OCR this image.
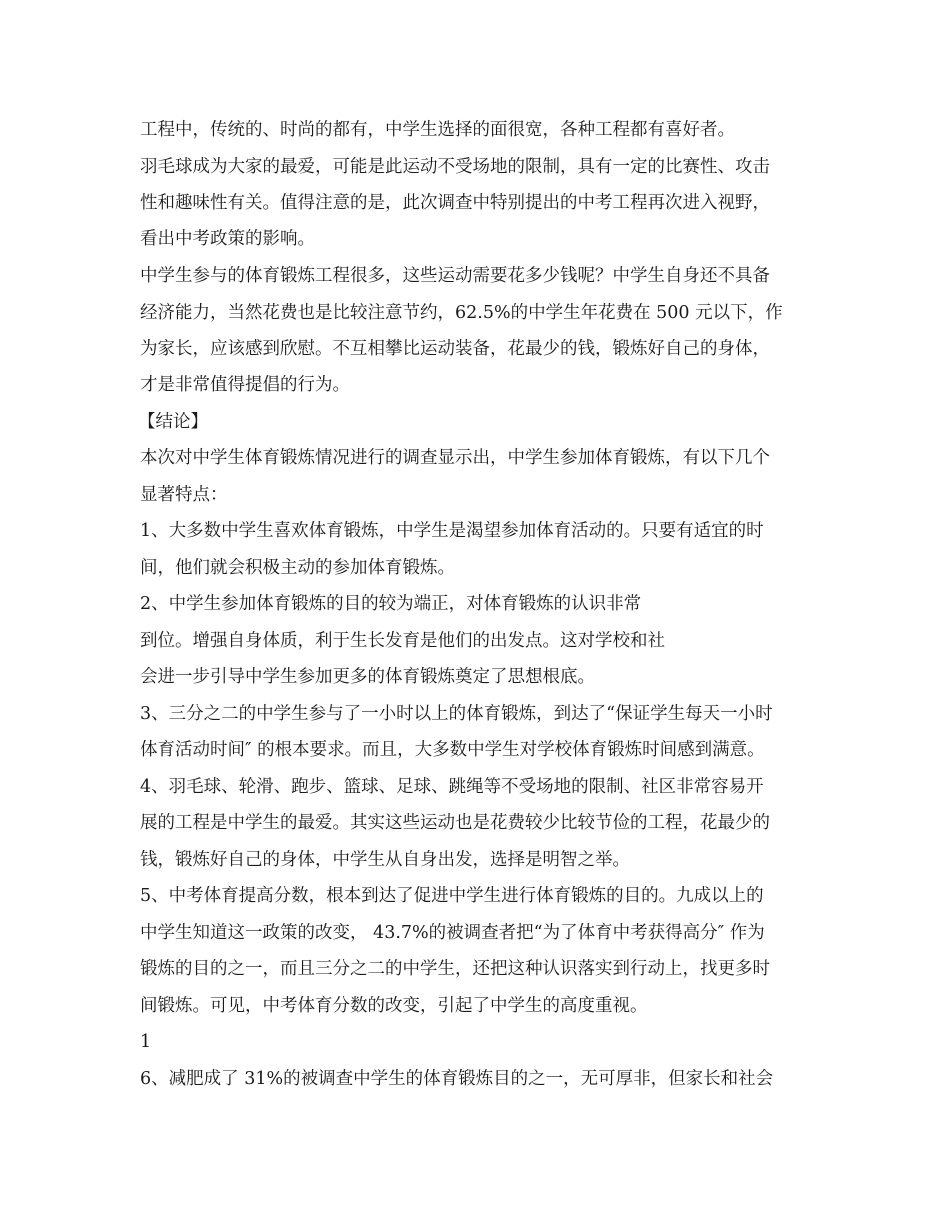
工程中，传统的、时尚的都有，中学生选择的面很宽，各种工程都有喜好者。

羽毛球成为大家的最爱，可能是此运动不受场地的限制，具有一定的比赛性、攻击

性和趣味性有关。值得注意的是，此次调查中特别提出的中考工程再次进入视野，

看出中考政策的影响。

中学生参与的体育锻炼工程很多，这些运动需要花多少钱呢？中学生自身还不具备

经济能力，当然花费也是比较注意节约，62.5%的中学生年花费在 500 元以下，作

为家长，应该感到欣慰。不互相攀比运动装备，花最少的钱，锻炼好自己的身体，

才是非常值得提倡的行为。

【结论】

本次对中学生体育锻炼情况进行的调查显示出，中学生参加体育锻炼，有以下几个

显著特点：

1、大多数中学生喜欢体育锻炼，中学生是渴望参加体育活动的。只要有适宜的时

间，他们就会积极主动的参加体育锻炼。

2、中学生参加体育锻炼的目的较为端正，对体育锻炼的认识非常

到位。增强自身体质，利于生长发育是他们的出发点。这对学校和社

会进一步引导中学生参加更多的体育锻炼奠定了思想根底。

3、三分之二的中学生参与了一小时以上的体育锻炼，到达了“保证学生每天一小时

体育活动时间″ 的根本要求。而且，大多数中学生对学校体育锻炼时间感到满意。

4、羽毛球、轮滑、跑步、篮球、足球、跳绳等不受场地的限制、社区非常容易开

展的工程是中学生的最爱。其实这些运动也是花费较少比较节俭的工程，花最少的

钱，锻炼好自己的身体，中学生从自身出发，选择是明智之举。

5、中考体育提高分数，根本到达了促进中学生进行体育锻炼的目的。九成以上的

中学生知道这一政策的改变， 43.7%的被调查者把“为了体育中考获得高分″ 作为

锻炼的目的之一，而且三分之二的中学生，还把这种认识落实到行动上，找更多时

间锻炼。可见，中考体育分数的改变，引起了中学生的高度重视。

1

6、减肥成了 31%的被调查中学生的体育锻炼目的之一，无可厚非，但家长和社会
